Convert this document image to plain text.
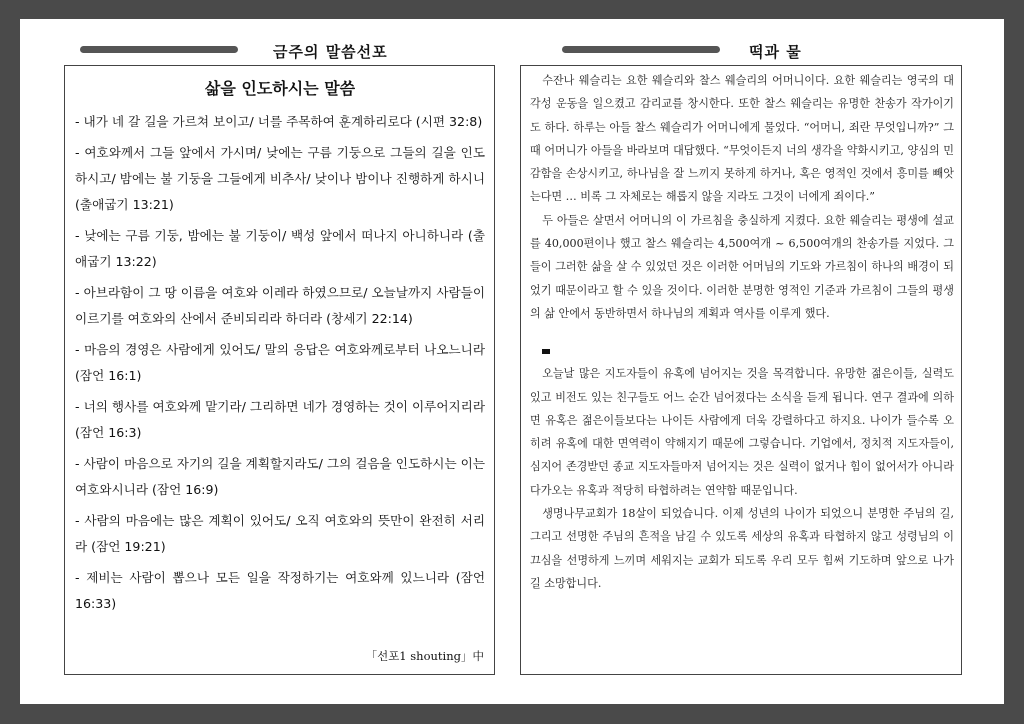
금주의 말씀선포	떡과 물
삶을 인도하시는 말씀

- 내가 네 갈 길을 가르쳐 보이고/ 너를 주목하여 훈계하리로다 (시편 32:8)

- 여호와께서 그들 앞에서 가시며/ 낮에는 구름 기둥으로 그들의 길을 인도하시고/ 밤에는 불 기둥을 그들에게 비추사/ 낮이나 밤이나 진행하게 하시니 (출애굽기 13:21)

- 낮에는 구름 기둥, 밤에는 불 기둥이/ 백성 앞에서 떠나지 아니하니라 (출애굽기 13:22)

- 아브라함이 그 땅 이름을 여호와 이레라 하였으므로/ 오늘날까지 사람들이 이르기를 여호와의 산에서 준비되리라 하더라 (창세기 22:14)

- 마음의 경영은 사람에게 있어도/ 말의 응답은 여호와께로부터 나오느니라 (잠언 16:1)

- 너의 행사를 여호와께 맡기라/ 그리하면 네가 경영하는 것이 이루어지리라 (잠언 16:3)

- 사람이 마음으로 자기의 길을 계획할지라도/ 그의 걸음을 인도하시는 이는 여호와시니라 (잠언 16:9)

- 사람의 마음에는 많은 계획이 있어도/ 오직 여호와의 뜻만이 완전히 서리라 (잠언 19:21)

- 제비는 사람이 뽑으나 모든 일을 작정하기는 여호와께 있느니라 (잠언 16:33)

「선포1 shouting」中

수잔나 웨슬리는 요한 웨슬리와 찰스 웨슬리의 어머니이다. 요한 웨슬리는 영국의 대각성 운동을 일으켰고 감리교를 창시한다. 또한 찰스 웨슬리는 유명한 찬송가 작가이기도 하다. 하루는 아들 찰스 웨슬리가 어머니에게 물었다. “어머니, 죄란 무엇입니까?” 그 때 어머니가 아들을 바라보며 대답했다. “무엇이든지 너의 생각을 약화시키고, 양심의 민감함을 손상시키고, 하나님을 잘 느끼지 못하게 하거나, 혹은 영적인 것에서 흥미를 빼앗는다면 … 비록 그 자체로는 해롭지 않을 지라도 그것이 너에게 죄이다.”

두 아들은 살면서 어머니의 이 가르침을 충실하게 지켰다. 요한 웨슬리는 평생에 설교를 40,000편이나 했고 찰스 웨슬리는 4,500여개 ~ 6,500여개의 찬송가를 지었다. 그들이 그러한 삶을 살 수 있었던 것은 이러한 어머님의 기도와 가르침이 하나의 배경이 되었기 때문이라고 할 수 있을 것이다. 이러한 분명한 영적인 기준과 가르침이 그들의 평생의 삶 안에서 동반하면서 하나님의 계획과 역사를 이루게 했다.

오늘날 많은 지도자들이 유혹에 넘어지는 것을 목격합니다. 유망한 젊은이들, 실력도 있고 비전도 있는 친구들도 어느 순간 넘어졌다는 소식을 듣게 됩니다. 연구 결과에 의하면 유혹은 젊은이들보다는 나이든 사람에게 더욱 강렬하다고 하지요. 나이가 들수록 오히려 유혹에 대한 면역력이 약해지기 때문에 그렇습니다. 기업에서, 정치적 지도자들이, 심지어 존경받던 종교 지도자들마저 넘어지는 것은 실력이 없거나 힘이 없어서가 아니라 다가오는 유혹과 적당히 타협하려는 연약함 때문입니다.

생명나무교회가 18살이 되었습니다. 이제 성년의 나이가 되었으니 분명한 주님의 길, 그리고 선명한 주님의 흔적을 남길 수 있도록 세상의 유혹과 타협하지 않고 성령님의 이끄심을 선명하게 느끼며 세워지는 교회가 되도록 우리 모두 힘써 기도하며 앞으로 나가길 소망합니다.
